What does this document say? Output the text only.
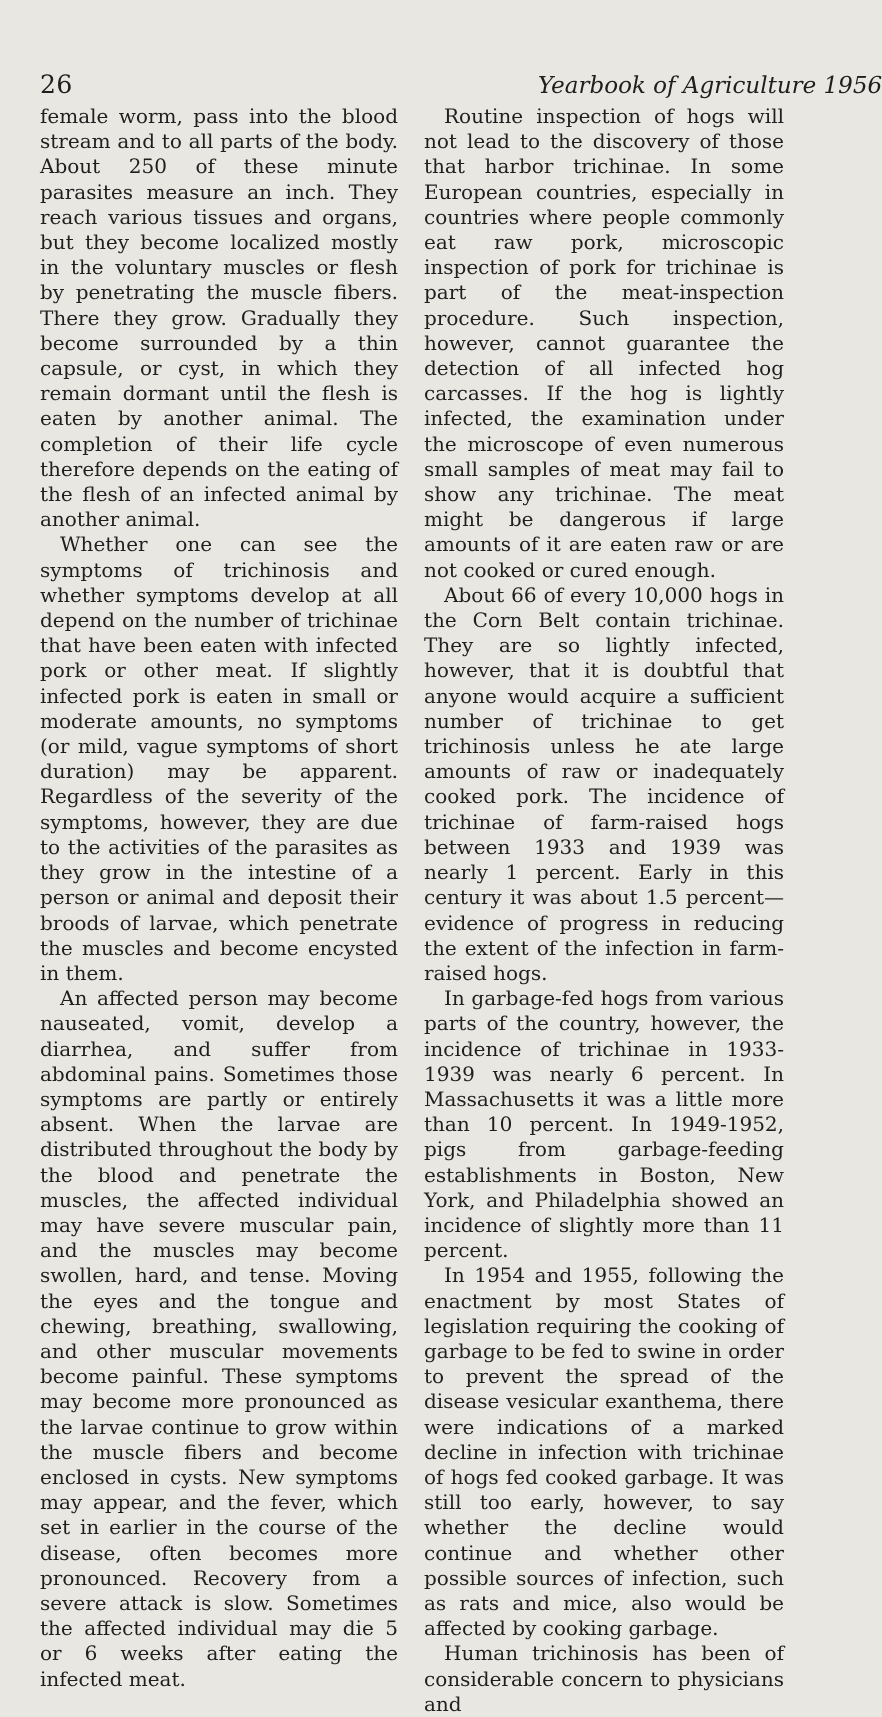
26	Yearbook of Agriculture 1956

female worm, pass into the blood stream and to all parts of the body. About 250 of these minute parasites measure an inch. They reach various tissues and organs, but they become localized mostly in the voluntary muscles or flesh by penetrating the muscle fibers. There they grow. Gradually they become surrounded by a thin capsule, or cyst, in which they remain dormant until the flesh is eaten by another animal. The completion of their life cycle therefore depends on the eating of the flesh of an infected animal by another animal.

Whether one can see the symptoms of trichinosis and whether symptoms develop at all depend on the number of trichinae that have been eaten with infected pork or other meat. If slightly infected pork is eaten in small or moderate amounts, no symptoms (or mild, vague symptoms of short duration) may be apparent. Regardless of the severity of the symptoms, however, they are due to the activities of the parasites as they grow in the intestine of a person or animal and deposit their broods of larvae, which penetrate the muscles and become encysted in them.

An affected person may become nauseated, vomit, develop a diarrhea, and suffer from abdominal pains. Sometimes those symptoms are partly or entirely absent. When the larvae are distributed throughout the body by the blood and penetrate the muscles, the affected individual may have severe muscular pain, and the muscles may become swollen, hard, and tense. Moving the eyes and the tongue and chewing, breathing, swallowing, and other muscular movements become painful. These symptoms may become more pronounced as the larvae continue to grow within the muscle fibers and become enclosed in cysts. New symptoms may appear, and the fever, which set in earlier in the course of the disease, often becomes more pronounced. Recovery from a severe attack is slow. Sometimes the affected individual may die 5 or 6 weeks after eating the infected meat.

Routine inspection of hogs will not lead to the discovery of those that harbor trichinae. In some European countries, especially in countries where people commonly eat raw pork, microscopic inspection of pork for trichinae is part of the meat-inspection procedure. Such inspection, however, cannot guarantee the detection of all infected hog carcasses. If the hog is lightly infected, the examination under the microscope of even numerous small samples of meat may fail to show any trichinae. The meat might be dangerous if large amounts of it are eaten raw or are not cooked or cured enough.

About 66 of every 10,000 hogs in the Corn Belt contain trichinae. They are so lightly infected, however, that it is doubtful that anyone would acquire a sufficient number of trichinae to get trichinosis unless he ate large amounts of raw or inadequately cooked pork. The incidence of trichinae of farm-raised hogs between 1933 and 1939 was nearly 1 percent. Early in this century it was about 1.5 percent—evidence of progress in reducing the extent of the infection in farm-raised hogs.

In garbage-fed hogs from various parts of the country, however, the incidence of trichinae in 1933-1939 was nearly 6 percent. In Massachusetts it was a little more than 10 percent. In 1949-1952, pigs from garbage-feeding establishments in Boston, New York, and Philadelphia showed an incidence of slightly more than 11 percent.

In 1954 and 1955, following the enactment by most States of legislation requiring the cooking of garbage to be fed to swine in order to prevent the spread of the disease vesicular exanthema, there were indications of a marked decline in infection with trichinae of hogs fed cooked garbage. It was still too early, however, to say whether the decline would continue and whether other possible sources of infection, such as rats and mice, also would be affected by cooking garbage.

Human trichinosis has been of considerable concern to physicians and
